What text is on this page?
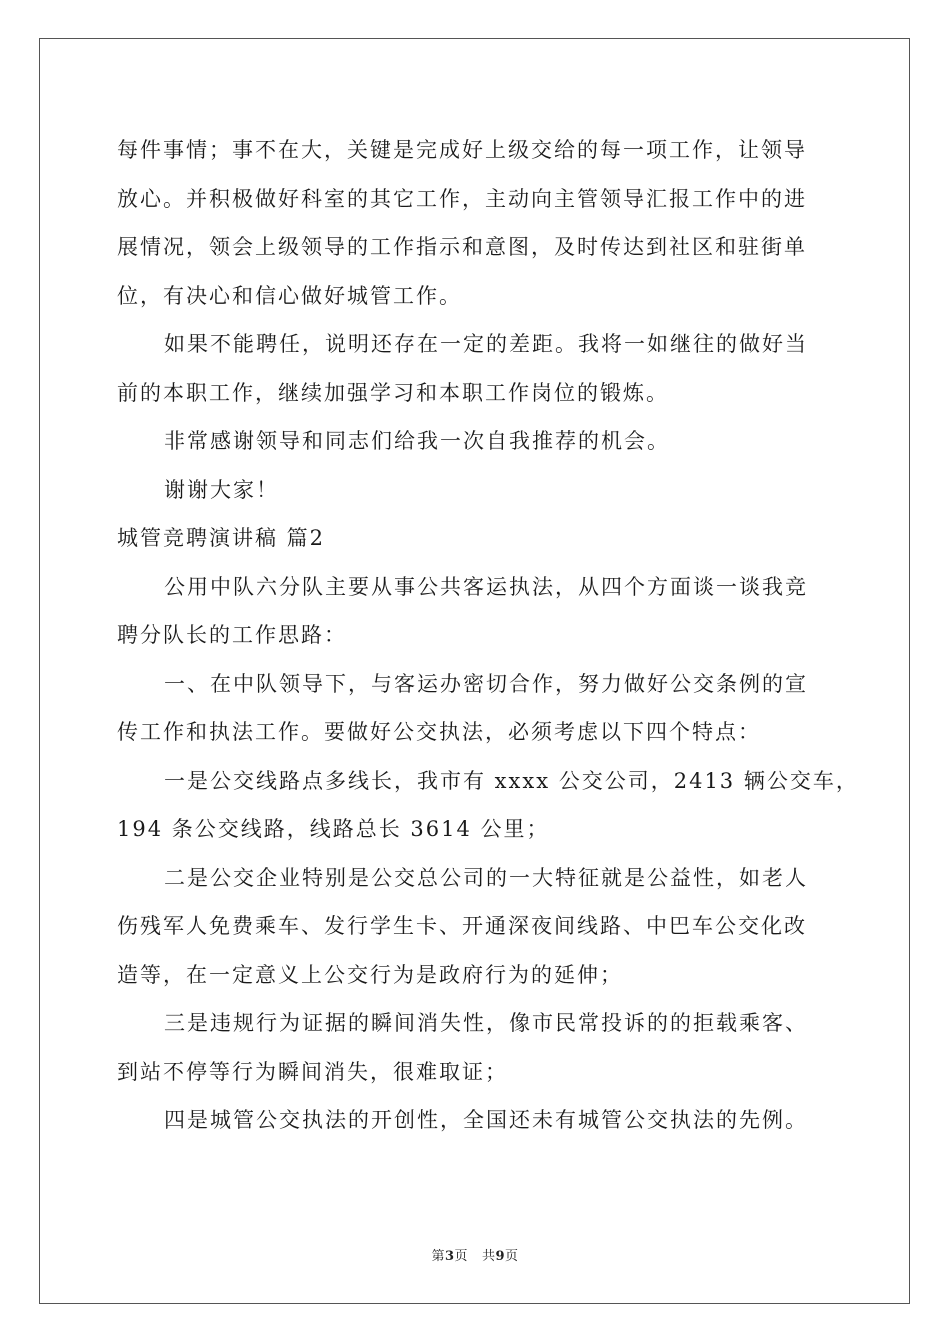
每件事情；事不在大，关键是完成好上级交给的每一项工作，让领导
放心。并积极做好科室的其它工作，主动向主管领导汇报工作中的进
展情况，领会上级领导的工作指示和意图，及时传达到社区和驻街单
位，有决心和信心做好城管工作。
如果不能聘任，说明还存在一定的差距。我将一如继往的做好当
前的本职工作，继续加强学习和本职工作岗位的锻炼。
非常感谢领导和同志们给我一次自我推荐的机会。
谢谢大家！
城管竞聘演讲稿 篇2
公用中队六分队主要从事公共客运执法，从四个方面谈一谈我竞
聘分队长的工作思路：
一、在中队领导下，与客运办密切合作，努力做好公交条例的宣
传工作和执法工作。要做好公交执法，必须考虑以下四个特点：
一是公交线路点多线长，我市有 xxxx 公交公司，2413 辆公交车，
194 条公交线路，线路总长 3614 公里；
二是公交企业特别是公交总公司的一大特征就是公益性，如老人
伤残军人免费乘车、发行学生卡、开通深夜间线路、中巴车公交化改
造等，在一定意义上公交行为是政府行为的延伸；
三是违规行为证据的瞬间消失性，像市民常投诉的的拒载乘客、
到站不停等行为瞬间消失，很难取证；
四是城管公交执法的开创性，全国还未有城管公交执法的先例。
第3页 共9页
